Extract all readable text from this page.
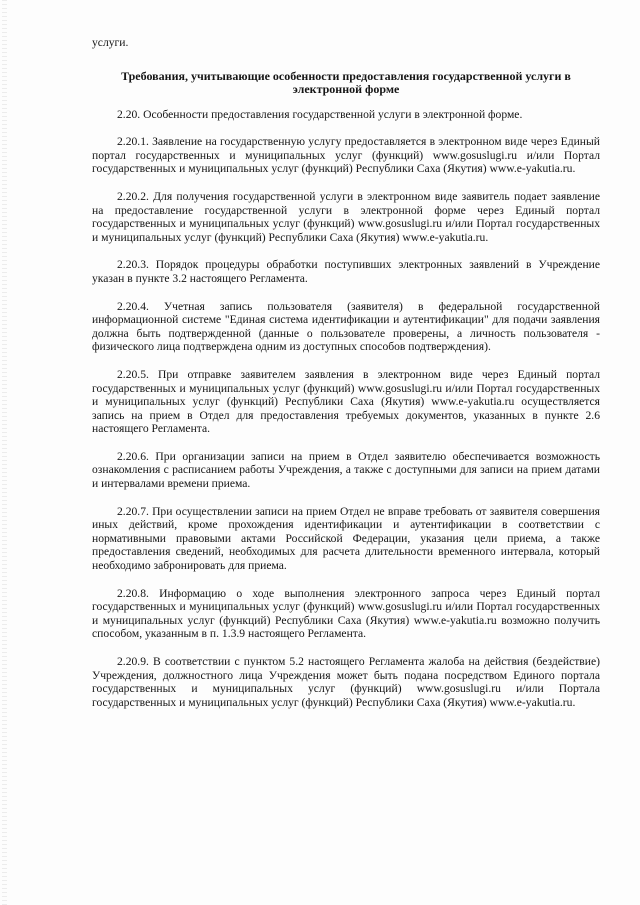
услуги.

Требования, учитывающие особенности предоставления государственной услуги в электронной форме

2.20. Особенности предоставления государственной услуги в электронной форме.

2.20.1. Заявление на государственную услугу предоставляется в электронном виде через Единый портал государственных и муниципальных услуг (функций) www.gosuslugi.ru и/или Портал государственных и муниципальных услуг (функций) Республики Саха (Якутия) www.e-yakutia.ru.

2.20.2. Для получения государственной услуги в электронном виде заявитель подает заявление на предоставление государственной услуги в электронной форме через Единый портал государственных и муниципальных услуг (функций) www.gosuslugi.ru и/или Портал государственных и муниципальных услуг (функций) Республики Саха (Якутия) www.e-yakutia.ru.

2.20.3. Порядок процедуры обработки поступивших электронных заявлений в Учреждение указан в пункте 3.2 настоящего Регламента.

2.20.4. Учетная запись пользователя (заявителя) в федеральной государственной информационной системе "Единая система идентификации и аутентификации" для подачи заявления должна быть подтвержденной (данные о пользователе проверены, а личность пользователя - физического лица подтверждена одним из доступных способов подтверждения).

2.20.5. При отправке заявителем заявления в электронном виде через Единый портал государственных и муниципальных услуг (функций) www.gosuslugi.ru и/или Портал государственных и муниципальных услуг (функций) Республики Саха (Якутия) www.e-yakutia.ru осуществляется запись на прием в Отдел для предоставления требуемых документов, указанных в пункте 2.6 настоящего Регламента.

2.20.6. При организации записи на прием в Отдел заявителю обеспечивается возможность ознакомления с расписанием работы Учреждения, а также с доступными для записи на прием датами и интервалами времени приема.

2.20.7. При осуществлении записи на прием Отдел не вправе требовать от заявителя совершения иных действий, кроме прохождения идентификации и аутентификации в соответствии с нормативными правовыми актами Российской Федерации, указания цели приема, а также предоставления сведений, необходимых для расчета длительности временного интервала, который необходимо забронировать для приема.

2.20.8. Информацию о ходе выполнения электронного запроса через Единый портал государственных и муниципальных услуг (функций) www.gosuslugi.ru и/или Портал государственных и муниципальных услуг (функций) Республики Саха (Якутия) www.e-yakutia.ru возможно получить способом, указанным в п. 1.3.9 настоящего Регламента.

2.20.9. В соответствии с пунктом 5.2 настоящего Регламента жалоба на действия (бездействие) Учреждения, должностного лица Учреждения может быть подана посредством Единого портала государственных и муниципальных услуг (функций) www.gosuslugi.ru и/или Портала государственных и муниципальных услуг (функций) Республики Саха (Якутия) www.e-yakutia.ru.
